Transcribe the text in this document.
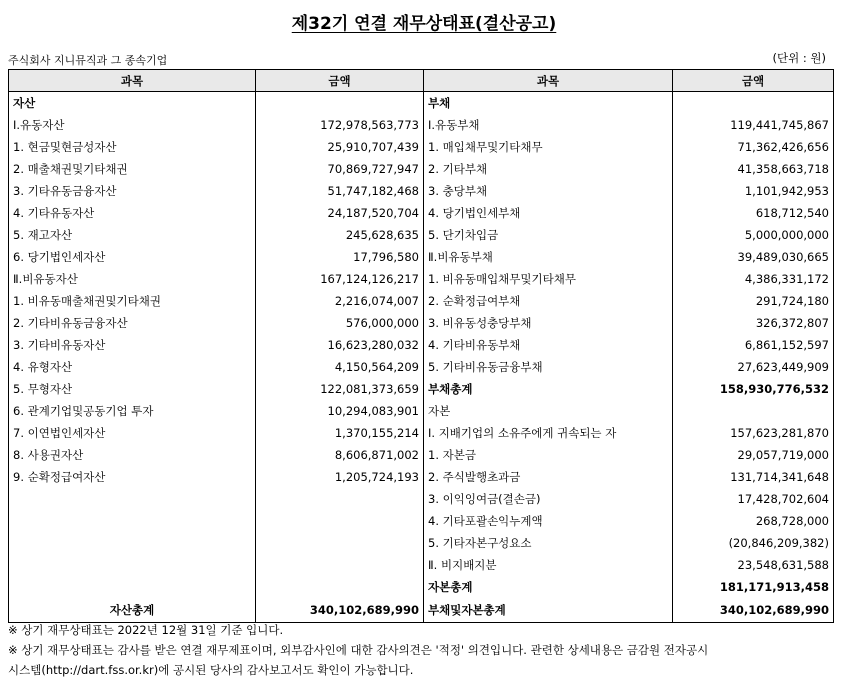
제32기 연결 재무상태표(결산공고)
주식회사 지니뮤직과 그 종속기업	(단위 : 원)
과목	금액	과목	금액
자산		부채	
Ⅰ.유동자산	172,978,563,773	Ⅰ.유동부채	119,441,745,867
1. 현금및현금성자산	25,910,707,439	1. 매입채무및기타채무	71,362,426,656
2. 매출채권및기타채권	70,869,727,947	2. 기타부채	41,358,663,718
3. 기타유동금융자산	51,747,182,468	3. 충당부채	1,101,942,953
4. 기타유동자산	24,187,520,704	4. 당기법인세부채	618,712,540
5. 재고자산	245,628,635	5. 단기차입금	5,000,000,000
6. 당기법인세자산	17,796,580	Ⅱ.비유동부채	39,489,030,665
Ⅱ.비유동자산	167,124,126,217	1. 비유동매입채무및기타채무	4,386,331,172
1. 비유동매출채권및기타채권	2,216,074,007	2. 순확정급여부채	291,724,180
2. 기타비유동금융자산	576,000,000	3. 비유동성충당부채	326,372,807
3. 기타비유동자산	16,623,280,032	4. 기타비유동부채	6,861,152,597
4. 유형자산	4,150,564,209	5. 기타비유동금융부채	27,623,449,909
5. 무형자산	122,081,373,659	부채총계	158,930,776,532
6. 관계기업및공동기업 투자	10,294,083,901	자본	
7. 이연법인세자산	1,370,155,214	Ⅰ. 지배기업의 소유주에게 귀속되는 자	157,623,281,870
8. 사용권자산	8,606,871,002	1. 자본금	29,057,719,000
9. 순확정급여자산	1,205,724,193	2. 주식발행초과금	131,714,341,648
		3. 이익잉여금(결손금)	17,428,702,604
		4. 기타포괄손익누계액	268,728,000
		5. 기타자본구성요소	(20,846,209,382)
		Ⅱ. 비지배지분	23,548,631,588
		자본총계	181,171,913,458
자산총계	340,102,689,990	부채및자본총계	340,102,689,990
※ 상기 재무상태표는 2022년 12월 31일 기준 입니다.
※ 상기 재무상태표는 감사를 받은 연결 재무제표이며, 외부감사인에 대한 감사의견은 '적정' 의견입니다. 관련한 상세내용은 금감원 전자공시
시스템(http://dart.fss.or.kr)에 공시된 당사의 감사보고서도 확인이 가능합니다.
